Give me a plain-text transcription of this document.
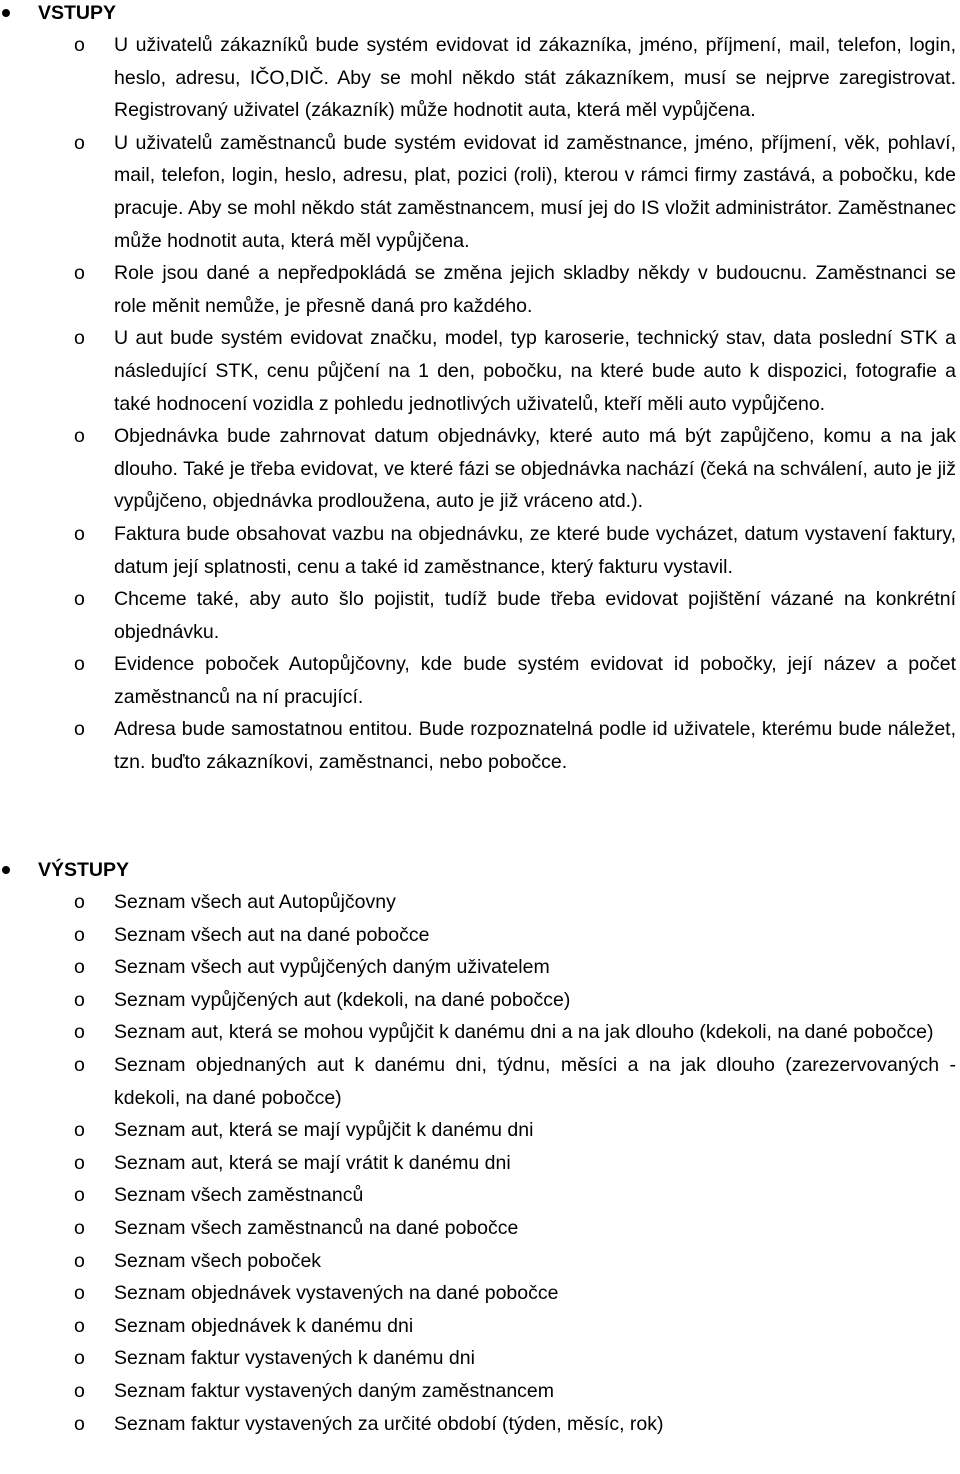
VSTUPY
o U uživatelů zákazníků bude systém evidovat id zákazníka, jméno, příjmení, mail, telefon, login, heslo, adresu, IČO,DIČ. Aby se mohl někdo stát zákazníkem, musí se nejprve zaregistrovat. Registrovaný uživatel (zákazník) může hodnotit auta, která měl vypůjčena.
o U uživatelů zaměstnanců bude systém evidovat id zaměstnance, jméno, příjmení, věk, pohlaví, mail, telefon, login, heslo, adresu, plat, pozici (roli), kterou v rámci firmy zastává, a pobočku, kde pracuje. Aby se mohl někdo stát zaměstnancem, musí jej do IS vložit administrátor. Zaměstnanec může hodnotit auta, která měl vypůjčena.
o Role jsou dané a nepředpokládá se změna jejich skladby někdy v budoucnu. Zaměstnanci se role měnit nemůže, je přesně daná pro každého.
o U aut bude systém evidovat značku, model, typ karoserie, technický stav, data poslední STK a následující STK, cenu půjčení na 1 den, pobočku, na které bude auto k dispozici, fotografie a také hodnocení vozidla z pohledu jednotlivých uživatelů, kteří měli auto vypůjčeno.
o Objednávka bude zahrnovat datum objednávky, které auto má být zapůjčeno, komu a na jak dlouho. Také je třeba evidovat, ve které fázi se objednávka nachází (čeká na schválení, auto je již vypůjčeno, objednávka prodloužena, auto je již vráceno atd.).
o Faktura bude obsahovat vazbu na objednávku, ze které bude vycházet, datum vystavení faktury, datum její splatnosti, cenu a také id zaměstnance, který fakturu vystavil.
o Chceme také, aby auto šlo pojistit, tudíž bude třeba evidovat pojištění vázané na konkrétní objednávku.
o Evidence poboček Autopůjčovny, kde bude systém evidovat id pobočky, její název a počet zaměstnanců na ní pracující.
o Adresa bude samostatnou entitou. Bude rozpoznatelná podle id uživatele, kterému bude náležet, tzn. buďto zákazníkovi, zaměstnanci, nebo pobočce.
VÝSTUPY
o Seznam všech aut Autopůjčovny
o Seznam všech aut na dané pobočce
o Seznam všech aut vypůjčených daným uživatelem
o Seznam vypůjčených aut (kdekoli, na dané pobočce)
o Seznam aut, která se mohou vypůjčit k danému dni a na jak dlouho (kdekoli, na dané pobočce)
o Seznam objednaných aut k danému dni, týdnu, měsíci a na jak dlouho (zarezervovaných - kdekoli, na dané pobočce)
o Seznam aut, která se mají vypůjčit k danému dni
o Seznam aut, která se mají vrátit k danému dni
o Seznam všech zaměstnanců
o Seznam všech zaměstnanců na dané pobočce
o Seznam všech poboček
o Seznam objednávek vystavených na dané pobočce
o Seznam objednávek k danému dni
o Seznam faktur vystavených k danému dni
o Seznam faktur vystavených daným zaměstnancem
o Seznam faktur vystavených za určité období (týden, měsíc, rok)
